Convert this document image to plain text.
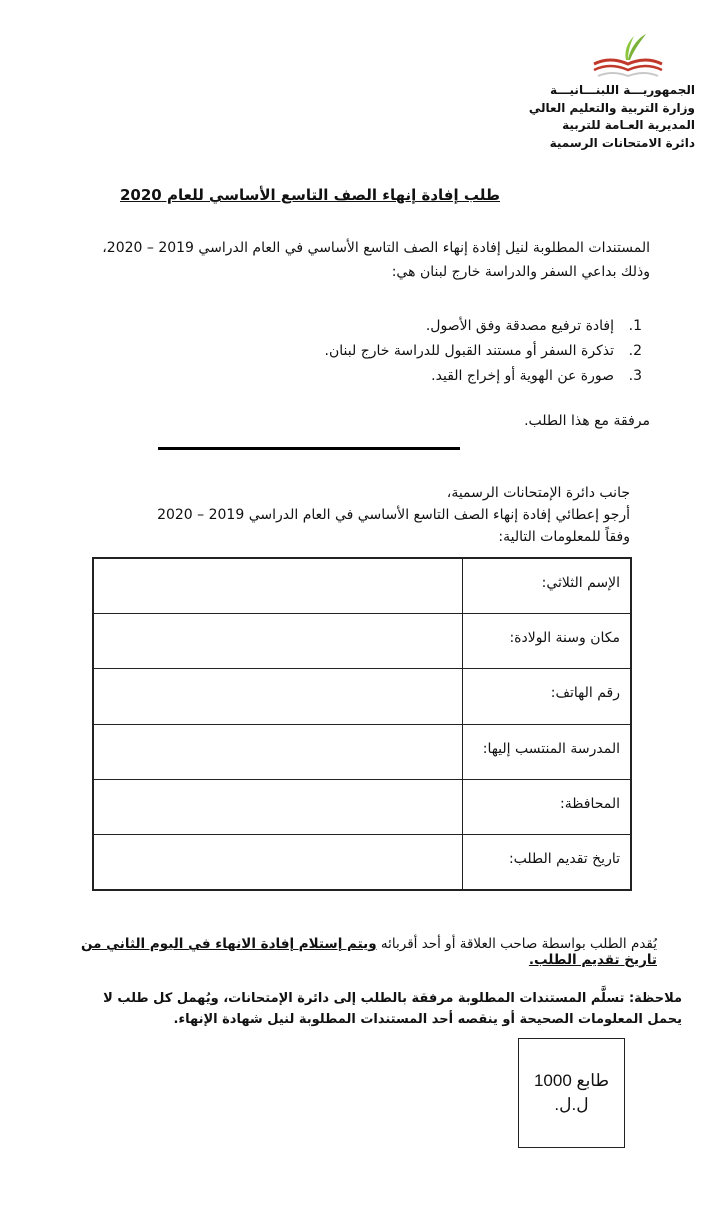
الجمهوريـــة اللبنـــانيـــة
وزارة التربية والتعليم العالي
المديرية العـامة للتربية
دائرة الامتحانات الرسمية
طلب إفادة إنهاء الصف التاسع الأساسي للعام 2020
المستندات المطلوبة لنيل إفادة إنهاء الصف التاسع الأساسي في العام الدراسي 2019 – 2020، وذلك بداعي السفر والدراسة خارج لبنان هي:
1.
إفادة ترفيع مصدقة وفق الأصول.
2.
تذكرة السفر أو مستند القبول للدراسة خارج لبنان.
3.
صورة عن الهوية أو إخراج القيد.
مرفقة مع هذا الطلب.
جانب دائرة الإمتحانات الرسمية،
أرجو إعطائي إفادة إنهاء الصف التاسع الأساسي في العام الدراسي 2019 – 2020 وفقاً للمعلومات التالية:
الإسم الثلاثي:
مكان وسنة الولادة:
رقم الهاتف:
المدرسة المنتسب إليها:
المحافظة:
تاريخ تقديم الطلب:
يُقدم الطلب بواسطة صاحب العلاقة أو أحد أقربائه ويتم إستلام إفادة الانهاء في اليوم الثاني من تاريخ تقديم الطلب.
ملاحظة: تسلَّم المستندات المطلوبة مرفقة بالطلب إلى دائرة الإمتحانات، ويُهمل كل طلب لا يحمل المعلومات الصحيحة أو ينقصه أحد المستندات المطلوبة لنيل شهادة الإنهاء.
طابع 1000
ل.ل.
